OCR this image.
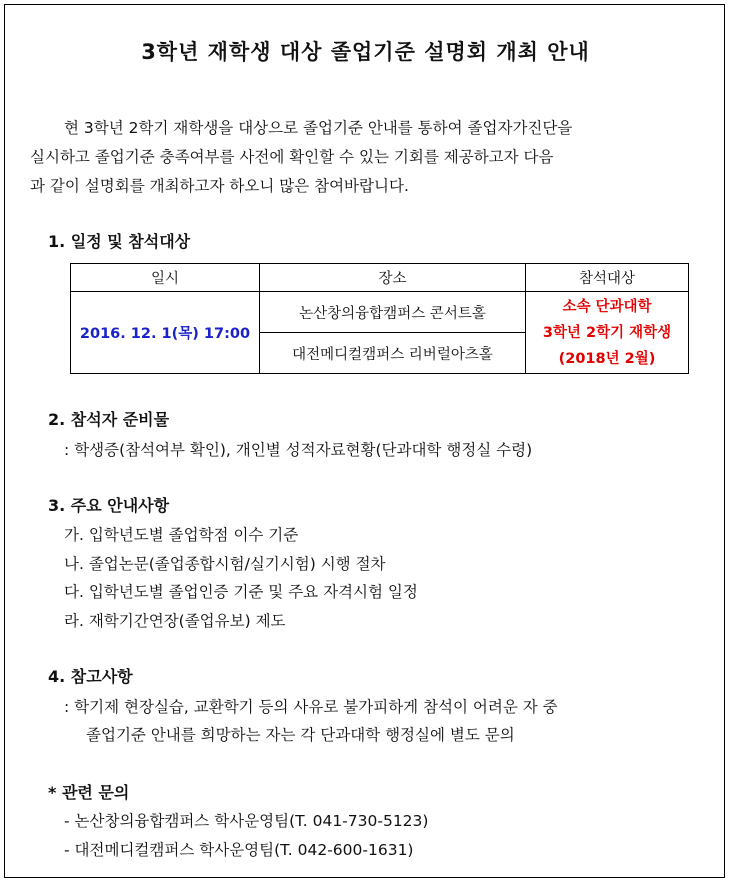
3학년 재학생 대상 졸업기준 설명회 개최 안내
현 3학년 2학기 재학생을 대상으로 졸업기준 안내를 통하여 졸업자가진단을
실시하고 졸업기준 충족여부를 사전에 확인할 수 있는 기회를 제공하고자 다음
과 같이 설명회를 개최하고자 하오니 많은 참여바랍니다.
1. 일정 및 참석대상
일시	장소	참석대상
2016. 12. 1(목) 17:00	논산창의융합캠퍼스 콘서트홀	소속 단과대학
3학년 2학기 재학생
(2018년 2월)

	대전메디컬캠퍼스 리버럴아츠홀	
2. 참석자 준비물
: 학생증(참석여부 확인), 개인별 성적자료현황(단과대학 행정실 수령)
3. 주요 안내사항
가. 입학년도별 졸업학점 이수 기준
나. 졸업논문(졸업종합시험/실기시험) 시행 절차
다. 입학년도별 졸업인증 기준 및 주요 자격시험 일정
라. 재학기간연장(졸업유보) 제도
4. 참고사항
: 학기제 현장실습, 교환학기 등의 사유로 불가피하게 참석이 어려운 자 중
졸업기준 안내를 희망하는 자는 각 단과대학 행정실에 별도 문의
* 관련 문의
- 논산창의융합캠퍼스 학사운영팀(T. 041-730-5123)
- 대전메디컬캠퍼스 학사운영팀(T. 042-600-1631)
